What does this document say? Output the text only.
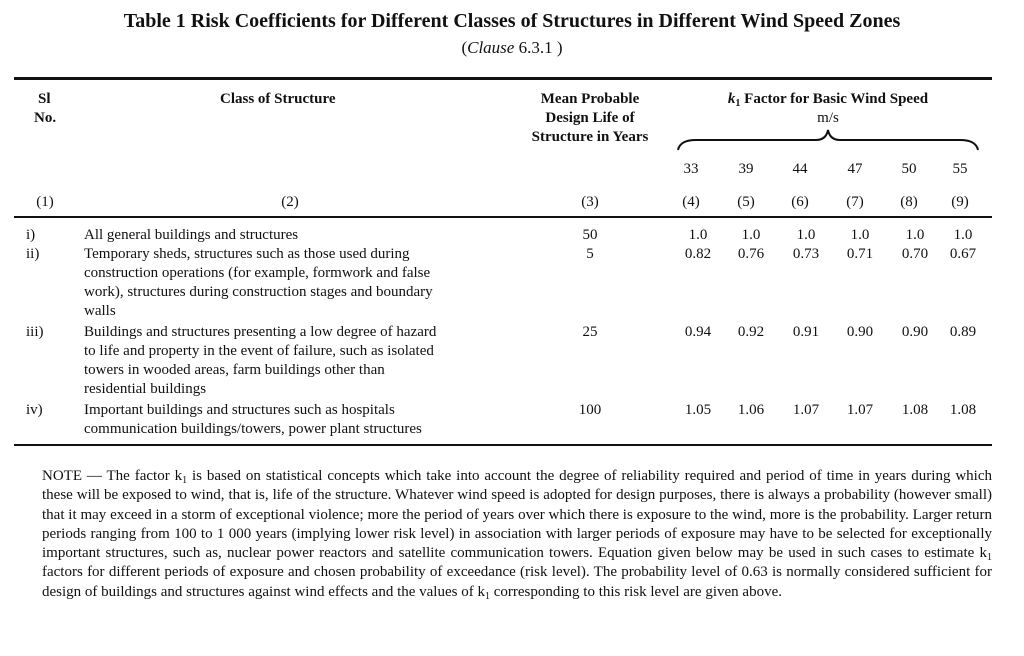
Table 1 Risk Coefficients for Different Classes of Structures in Different Wind Speed Zones
(Clause 6.3.1 )
Sl
No.
Class of Structure	Mean Probable
Design Life of
Structure in Years
$k_1$ Factor for Basic Wind Speed
m/s
33	39	44	47	50	55
(1)	(2)	(3)	(4)	(5)	(6)	(7)	(8)	(9)
i)	All general buildings and structures	50	1.0	1.0	1.0	1.0	1.0	1.0
ii)	Temporary sheds, structures such as those used during
construction operations (for example, formwork and false
work), structures during construction stages and boundary
walls
5	0.82	0.76	0.73	0.71	0.70	0.67
iii)	Buildings and structures presenting a low degree of hazard
to life and property in the event of failure, such as isolated
towers in wooded areas, farm buildings other than
residential buildings
25	0.94	0.92	0.91	0.90	0.90	0.89
iv)	Important buildings and structures such as hospitals
communication buildings/towers, power plant structures
100	1.05	1.06	1.07	1.07	1.08	1.08
NOTE — The factor $k_1$ is based on statistical concepts which take into account the degree of reliability required and period of time in years during which these will be exposed to wind, that is, life of the structure. Whatever wind speed is adopted for design purposes, there is always a probability (however small) that it may exceed in a storm of exceptional violence; more the period of years over which there is exposure to the wind, more is the probability. Larger return periods ranging from 100 to 1 000 years (implying lower risk level) in association with larger periods of exposure may have to be selected for exceptionally important structures, such as, nuclear power reactors and satellite communication towers. Equation given below may be used in such cases to estimate $k_1$ factors for different periods of exposure and chosen probability of exceedance (risk level). The probability level of 0.63 is normally considered sufficient for design of buildings and structures against wind effects and the values of $k_1$ corresponding to this risk level are given above.
